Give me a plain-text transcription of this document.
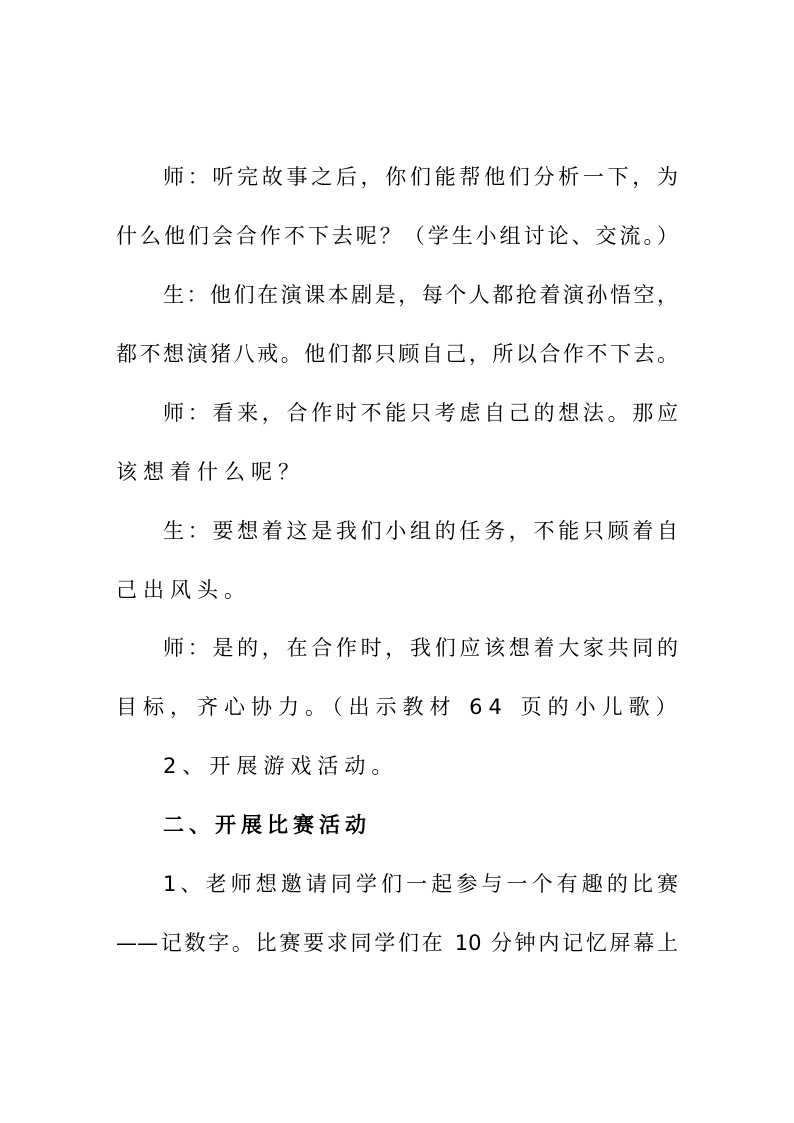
师：听完故事之后，你们能帮他们分析一下，为
什么他们会合作不下去呢？（学生小组讨论、交流。）
生：他们在演课本剧是，每个人都抢着演孙悟空，
都不想演猪八戒。他们都只顾自己，所以合作不下去。
师：看来，合作时不能只考虑自己的想法。那应
该想着什么呢？
生：要想着这是我们小组的任务，不能只顾着自
己出风头。
师：是的，在合作时，我们应该想着大家共同的
目标，齐心协力。（出示教材 64 页的小儿歌）
2、开展游戏活动。
二、开展比赛活动
1、老师想邀请同学们一起参与一个有趣的比赛
——记数字。比赛要求同学们在 10 分钟内记忆屏幕上
